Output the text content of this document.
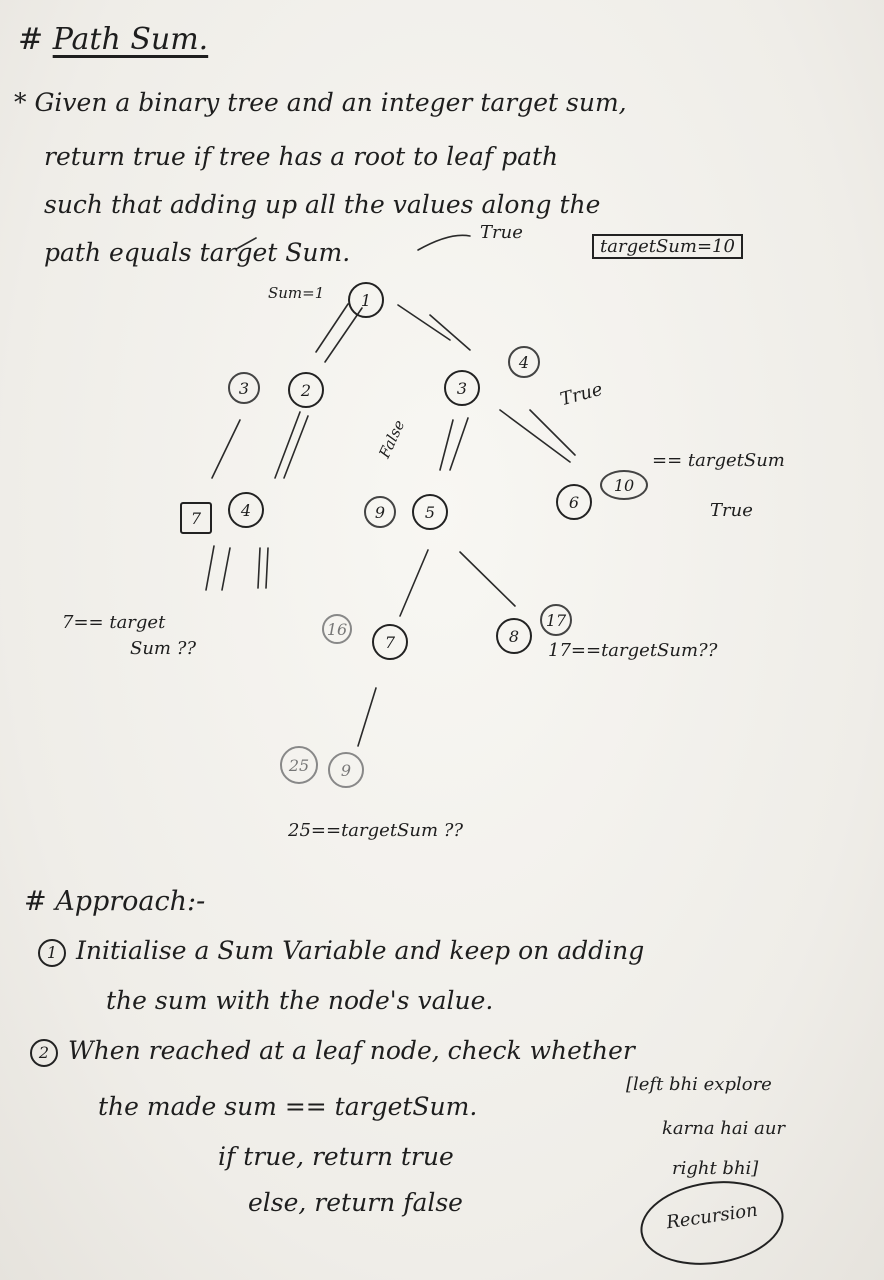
# Path Sum.
* Given a binary tree and an integer target sum,
return true if tree has a root to leaf path
such that adding up all the values along the
path equals target Sum.
True
targetSum=10
Sum=1	1
3	2	3
4
7	4	9	5
6
10
16
7	8
17
25	9
False
True
== targetSum
True
7== target
Sum ??	17==targetSum??
25==targetSum ??
# Approach:-
1 Initialise a Sum Variable and keep on adding
the sum with the node's value.
2 When reached at a leaf node, check whether
the made sum == targetSum.
if true, return true
else, return false
[left bhi explore
karna hai aur
right bhi]
Recursion
